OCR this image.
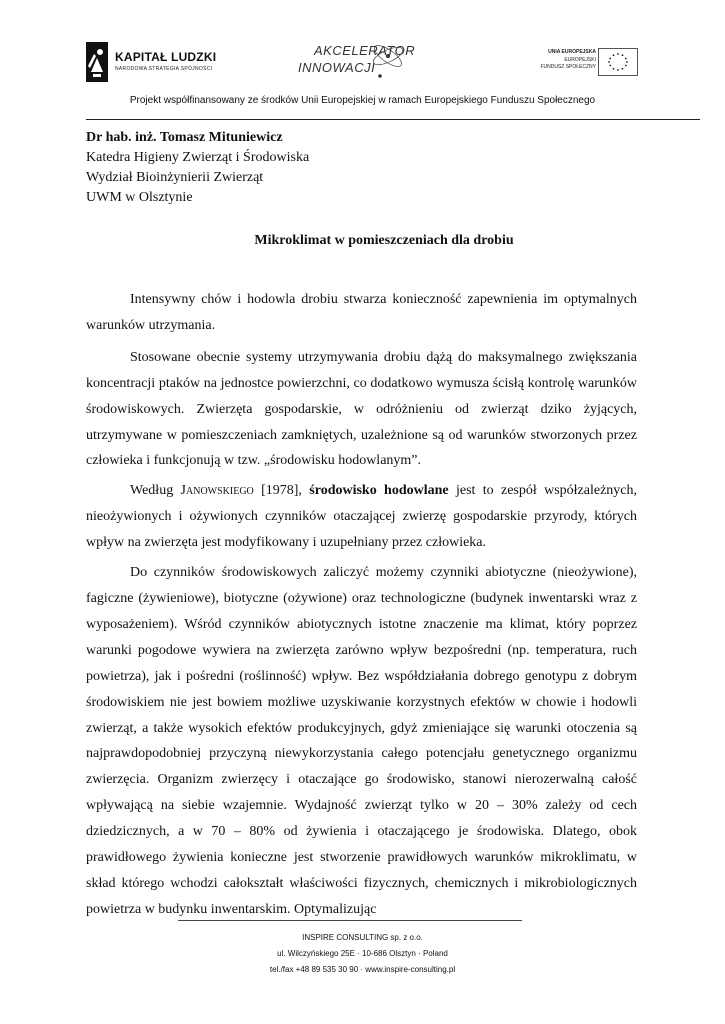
KAPITAŁ LUDZKI
NARODOWA STRATEGIA SPÓJNOŚCI
AKCELERATOR
INNOWACJI
UNIA EUROPEJSKA
EUROPEJSKI
FUNDUSZ SPOŁECZNY
Projekt współfinansowany ze środków Unii Europejskiej w ramach Europejskiego Funduszu Społecznego
Dr hab. inż. Tomasz Mituniewicz
Katedra Higieny Zwierząt i Środowiska
Wydział Bioinżynierii Zwierząt
UWM w Olsztynie
Mikroklimat w pomieszczeniach dla drobiu

Intensywny chów i hodowla drobiu stwarza konieczność zapewnienia im optymalnych warunków utrzymania.

Stosowane obecnie systemy utrzymywania drobiu dążą do maksymalnego zwiększania koncentracji ptaków na jednostce powierzchni, co dodatkowo wymusza ścisłą kontrolę warunków środowiskowych. Zwierzęta gospodarskie, w odróżnieniu od zwierząt dziko żyjących, utrzymywane w pomieszczeniach zamkniętych, uzależnione są od warunków stworzonych przez człowieka i funkcjonują w tzw. „środowisku hodowlanym”.

Według Janowskiego [1978], środowisko hodowlane jest to zespół współzależnych, nieożywionych i ożywionych czynników otaczającej zwierzę gospodarskie przyrody, których wpływ na zwierzęta jest modyfikowany i uzupełniany przez człowieka.

Do czynników środowiskowych zaliczyć możemy czynniki abiotyczne (nieożywione), fagiczne (żywieniowe), biotyczne (ożywione) oraz technologiczne (budynek inwentarski wraz z wyposażeniem). Wśród czynników abiotycznych istotne znaczenie ma klimat, który poprzez warunki pogodowe wywiera na zwierzęta zarówno wpływ bezpośredni (np. temperatura, ruch powietrza), jak i pośredni (roślinność) wpływ. Bez współdziałania dobrego genotypu z dobrym środowiskiem nie jest bowiem możliwe uzyskiwanie korzystnych efektów w chowie i hodowli zwierząt, a także wysokich efektów produkcyjnych, gdyż zmieniające się warunki otoczenia są najprawdopodobniej przyczyną niewykorzystania całego potencjału genetycznego organizmu zwierzęcia. Organizm zwierzęcy i otaczające go środowisko, stanowi nierozerwalną całość wpływającą na siebie wzajemnie. Wydajność zwierząt tylko w 20 – 30% zależy od cech dziedzicznych, a w 70 – 80% od żywienia i otaczającego je środowiska. Dlatego, obok prawidłowego żywienia konieczne jest stworzenie prawidłowych warunków mikroklimatu, w skład którego wchodzi całokształt właściwości fizycznych, chemicznych i mikrobiologicznych powietrza w budynku inwentarskim. Optymalizując

INSPIRE CONSULTING sp. z o.o.
ul. Wilczyńskiego 25E · 10-686 Olsztyn · Poland
tel./fax +48 89 535 30 90 · www.inspire-consulting.pl
